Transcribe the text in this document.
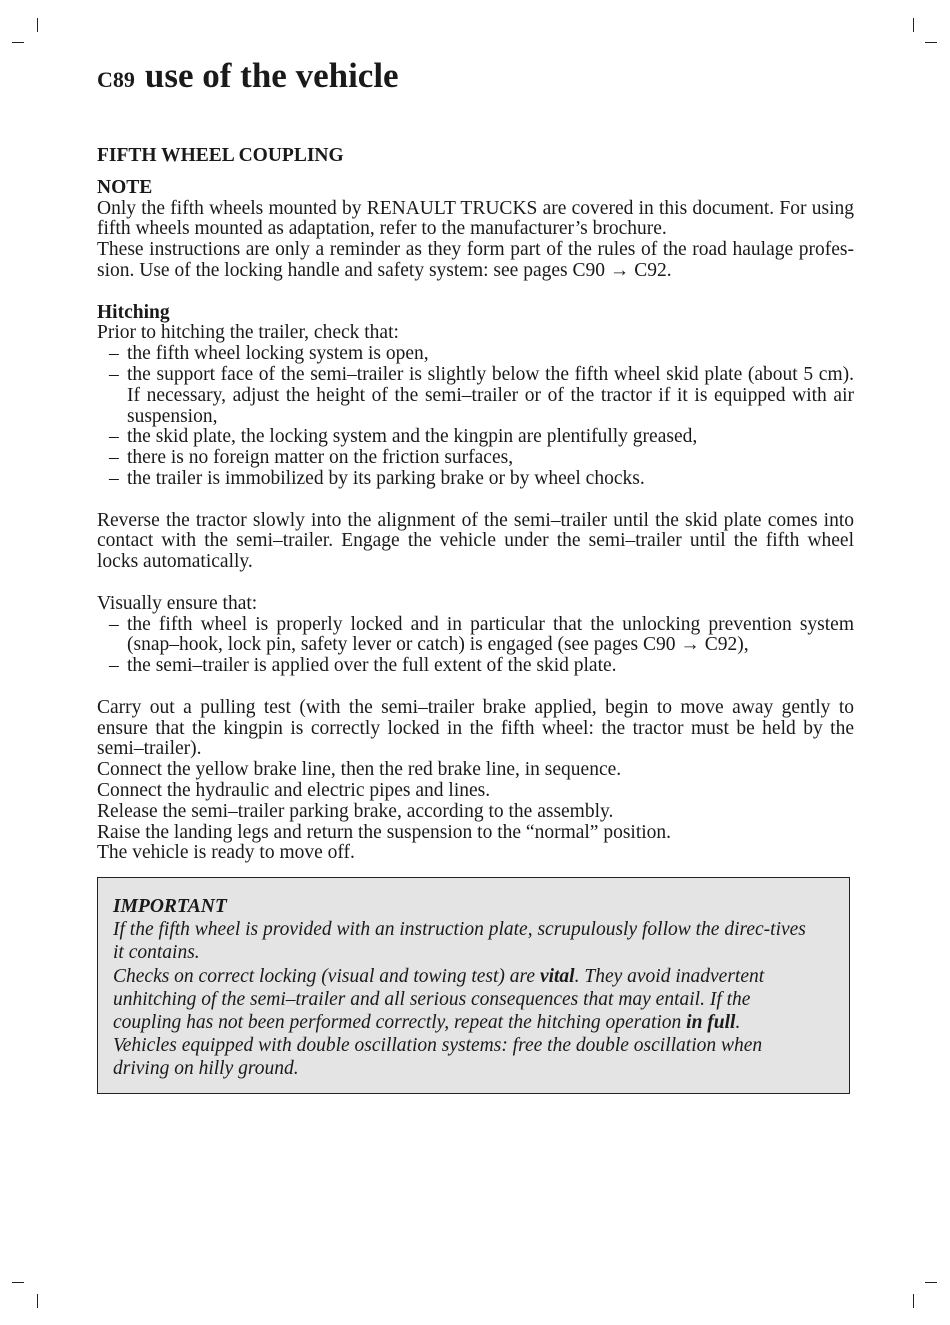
C89 use of the vehicle
FIFTH WHEEL COUPLING
NOTE

Only the fifth wheels mounted by RENAULT TRUCKS are covered in this document. For using fifth wheels mounted as adaptation, refer to the manufacturer’s brochure.

These instructions are only a reminder as they form part of the rules of the road haulage profes-sion. Use of the locking handle and safety system: see pages C90 → C92.

Hitching

Prior to hitching the trailer, check that:

– the fifth wheel locking system is open,
– the support face of the semi–trailer is slightly below the fifth wheel skid plate (about 5 cm). If necessary, adjust the height of the semi–trailer or of the tractor if it is equipped with air suspension,
– the skid plate, the locking system and the kingpin are plentifully greased,
– there is no foreign matter on the friction surfaces,
– the trailer is immobilized by its parking brake or by wheel chocks.

Reverse the tractor slowly into the alignment of the semi–trailer until the skid plate comes into contact with the semi–trailer. Engage the vehicle under the semi–trailer until the fifth wheel locks automatically.

Visually ensure that:

– the fifth wheel is properly locked and in particular that the unlocking prevention system (snap–hook, lock pin, safety lever or catch) is engaged (see pages C90 → C92),
– the semi–trailer is applied over the full extent of the skid plate.

Carry out a pulling test (with the semi–trailer brake applied, begin to move away gently to ensure that the kingpin is correctly locked in the fifth wheel: the tractor must be held by the semi–trailer).

Connect the yellow brake line, then the red brake line, in sequence.

Connect the hydraulic and electric pipes and lines.

Release the semi–trailer parking brake, according to the assembly.

Raise the landing legs and return the suspension to the “normal” position.

The vehicle is ready to move off.

IMPORTANT
If the fifth wheel is provided with an instruction plate, scrupulously follow the direc-tives it contains.
Checks on correct locking (visual and towing test) are vital. They avoid inadvertent unhitching of the semi–trailer and all serious consequences that may entail. If the coupling has not been performed correctly, repeat the hitching operation in full.
Vehicles equipped with double oscillation systems: free the double oscillation when driving on hilly ground.
